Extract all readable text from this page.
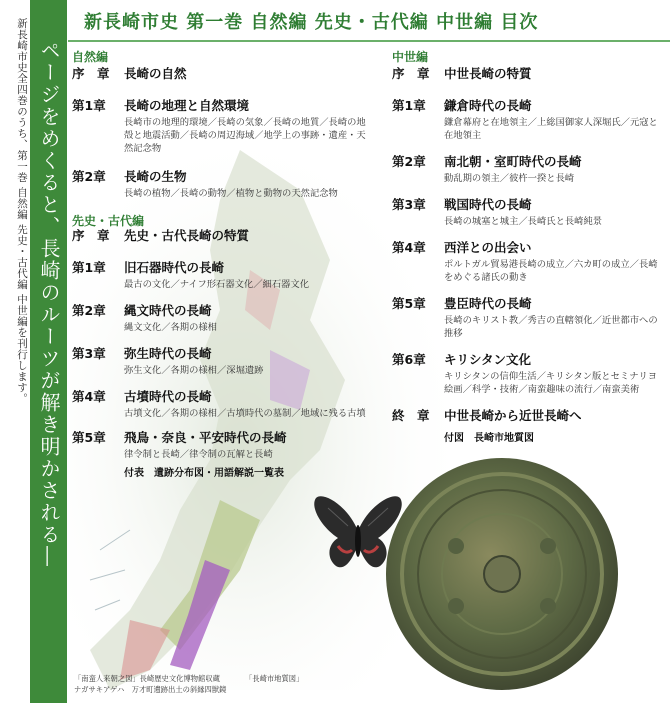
新長崎市史全四巻のうち、第一巻 自然編 先史・古代編 中世編を刊行します。 ページをめくると、長崎のルーツが解き明かされる―
新長崎市史 第一巻 自然編 先史・古代編 中世編 目次
自然編
序　章	長崎の自然
第1章	長崎の地理と自然環境
長崎市の地理的環境／長崎の気象／長崎の地質／長崎の地殻と地震活動／長崎の周辺海域／地学上の事跡・遺産・天然記念物
第2章	長崎の生物
長崎の植物／長崎の動物／植物と動物の天然記念物
先史・古代編
序　章	先史・古代長崎の特質
第1章	旧石器時代の長崎
最古の文化／ナイフ形石器文化／細石器文化
第2章	縄文時代の長崎
縄文文化／各期の様相
第3章	弥生時代の長崎
弥生文化／各期の様相／深堀遺跡
第4章	古墳時代の長崎
古墳文化／各期の様相／古墳時代の墓制／地域に残る古墳
第5章	飛鳥・奈良・平安時代の長崎
律令制と長崎／律令制の瓦解と長崎
付表　遺跡分布図・用語解説一覧表
中世編
序　章	中世長崎の特質
第1章	鎌倉時代の長崎
鎌倉幕府と在地領主／上総国御家人深堀氏／元寇と在地領主
第2章	南北朝・室町時代の長崎
動乱期の領主／彼杵一揆と長崎
第3章	戦国時代の長崎
長崎の城塞と城主／長崎氏と長崎純景
第4章	西洋との出会い
ポルトガル貿易港長崎の成立／六カ町の成立／長崎をめぐる諸氏の動き
第5章	豊臣時代の長崎
長崎のキリスト教／秀吉の直轄領化／近世都市への推移
第6章	キリシタン文化
キリシタンの信仰生活／キリシタン版とセミナリヨ絵画／科学・技術／南蛮趣味の流行／南蛮美術
終　章	中世長崎から近世長崎へ
付図　長崎市地質図
「南蛮人来朝之図」長崎歴史文化博物館収蔵
ナガサキアゲハ　万才町遺跡出土の斜縁四獣鏡
「長崎市地質図」
